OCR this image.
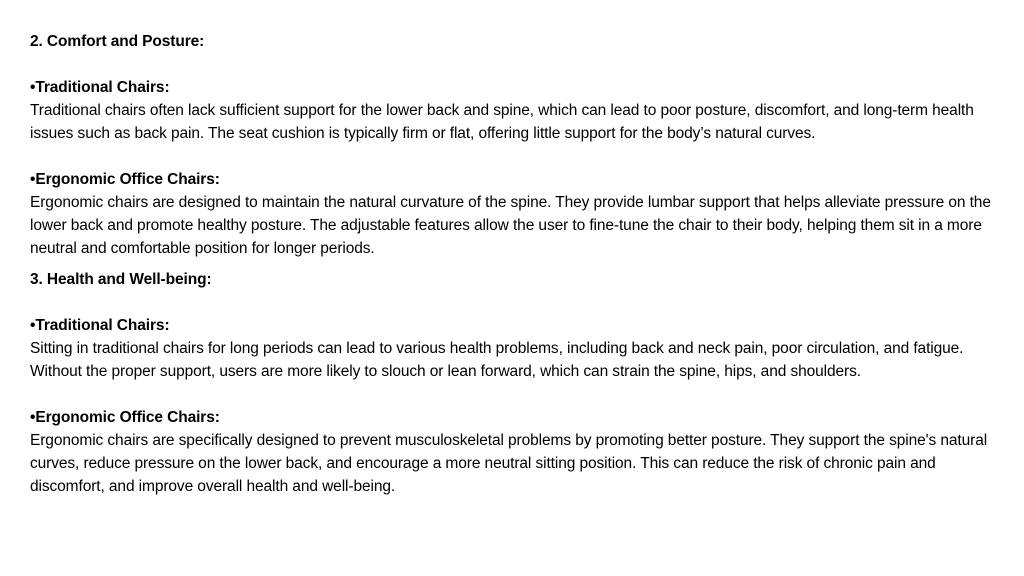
2. Comfort and Posture:

•Traditional Chairs:

Traditional chairs often lack sufficient support for the lower back and spine, which can lead to poor posture, discomfort, and long-term health issues such as back pain. The seat cushion is typically firm or flat, offering little support for the body’s natural curves.

•Ergonomic Office Chairs:

Ergonomic chairs are designed to maintain the natural curvature of the spine. They provide lumbar support that helps alleviate pressure on the lower back and promote healthy posture. The adjustable features allow the user to fine-tune the chair to their body, helping them sit in a more neutral and comfortable position for longer periods.

3. Health and Well-being:

•Traditional Chairs:

Sitting in traditional chairs for long periods can lead to various health problems, including back and neck pain, poor circulation, and fatigue. Without the proper support, users are more likely to slouch or lean forward, which can strain the spine, hips, and shoulders.

•Ergonomic Office Chairs:

Ergonomic chairs are specifically designed to prevent musculoskeletal problems by promoting better posture. They support the spine's natural curves, reduce pressure on the lower back, and encourage a more neutral sitting position. This can reduce the risk of chronic pain and discomfort, and improve overall health and well-being.
